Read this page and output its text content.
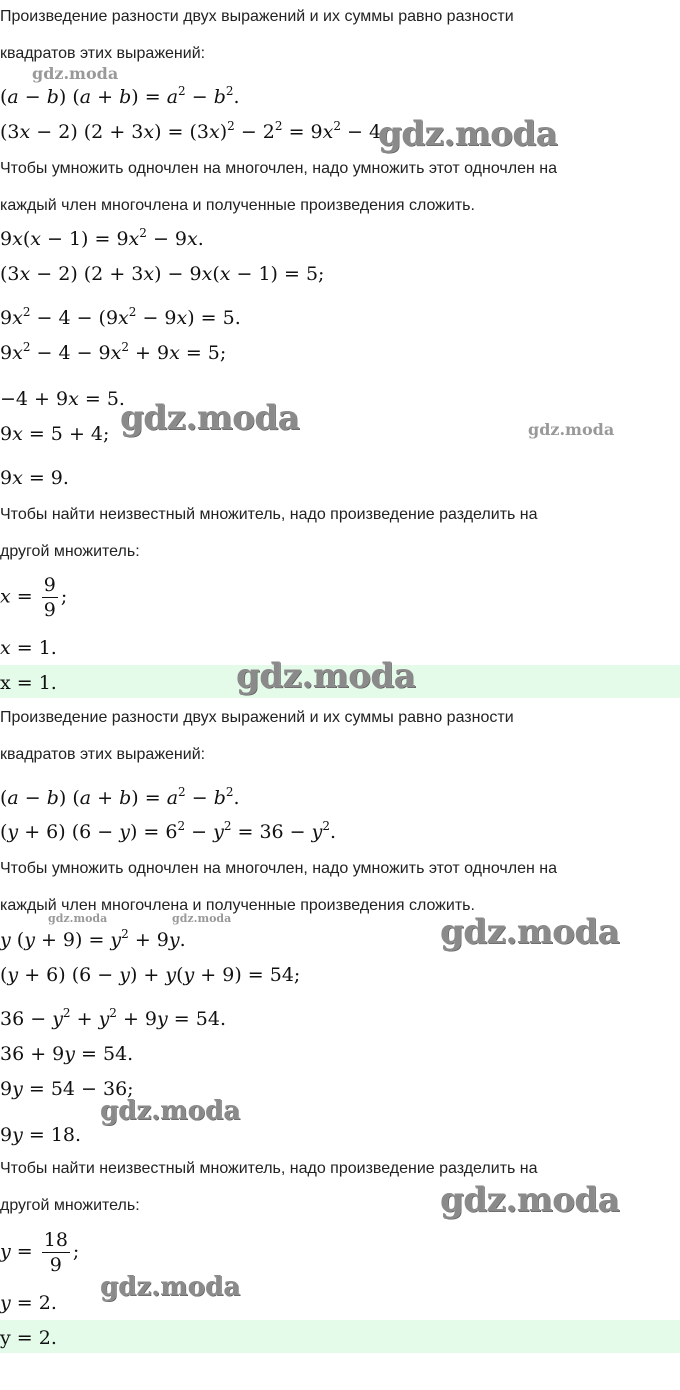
Произведение разности двух выражений и их суммы равно разности
квадратов этих выражений:
gdz.moda
(a − b) $(a + b) = a^2 - b^2$.
(3x − 2) $(2 + 3x) = (3x)^2 - 2^2 = 9x^2 - 4$.
gdz.moda
Чтобы умножить одночлен на многочлен, надо умножить этот одночлен на
каждый член многочлена и полученные произведения сложить.
$9x(x - 1) = 9x^2 - 9x$.
(3x − 2) (2 + 3x) − 9x(x − 1) = 5;
$9x^2 - 4 - (9x^2 - 9x) = 5$.
$9x^2 - 4 - 9x^2 + 9x = 5$;
−4 + 9x = 5.
9x = 5 + 4; gdz.moda	gdz.moda
9x = 9.
Чтобы найти неизвестный множитель, надо произведение разделить на
другой множитель:
$x = \frac{9}{9}$ ;
x = 1.
x = 1.	gdz.moda
Произведение разности двух выражений и их суммы равно разности
квадратов этих выражений:
(a − b) $(a + b) = a^2 - b^2$.
(y + 6) $(6 - y) = 6^2 - y^2 = 36 - y^2$.
Чтобы умножить одночлен на многочлен, надо умножить этот одночлен на
каждый член многочлена и полученные произведения сложить.
gdz.moda	gdz.moda
y $(y + 9) = y^2 + 9y$.	gdz.moda
(y + 6) (6 − y) + y(y + 9) = 54;
$36 - y^2 + y^2 + 9y = 54$.
36 + 9y = 54.
9y = 54 − 36;
gdz.moda
9y = 18.
Чтобы найти неизвестный множитель, надо произведение разделить на
другой множитель:	gdz.moda
$y = \frac{18}{9}$ ;
gdz.moda
y = 2.
y = 2.
